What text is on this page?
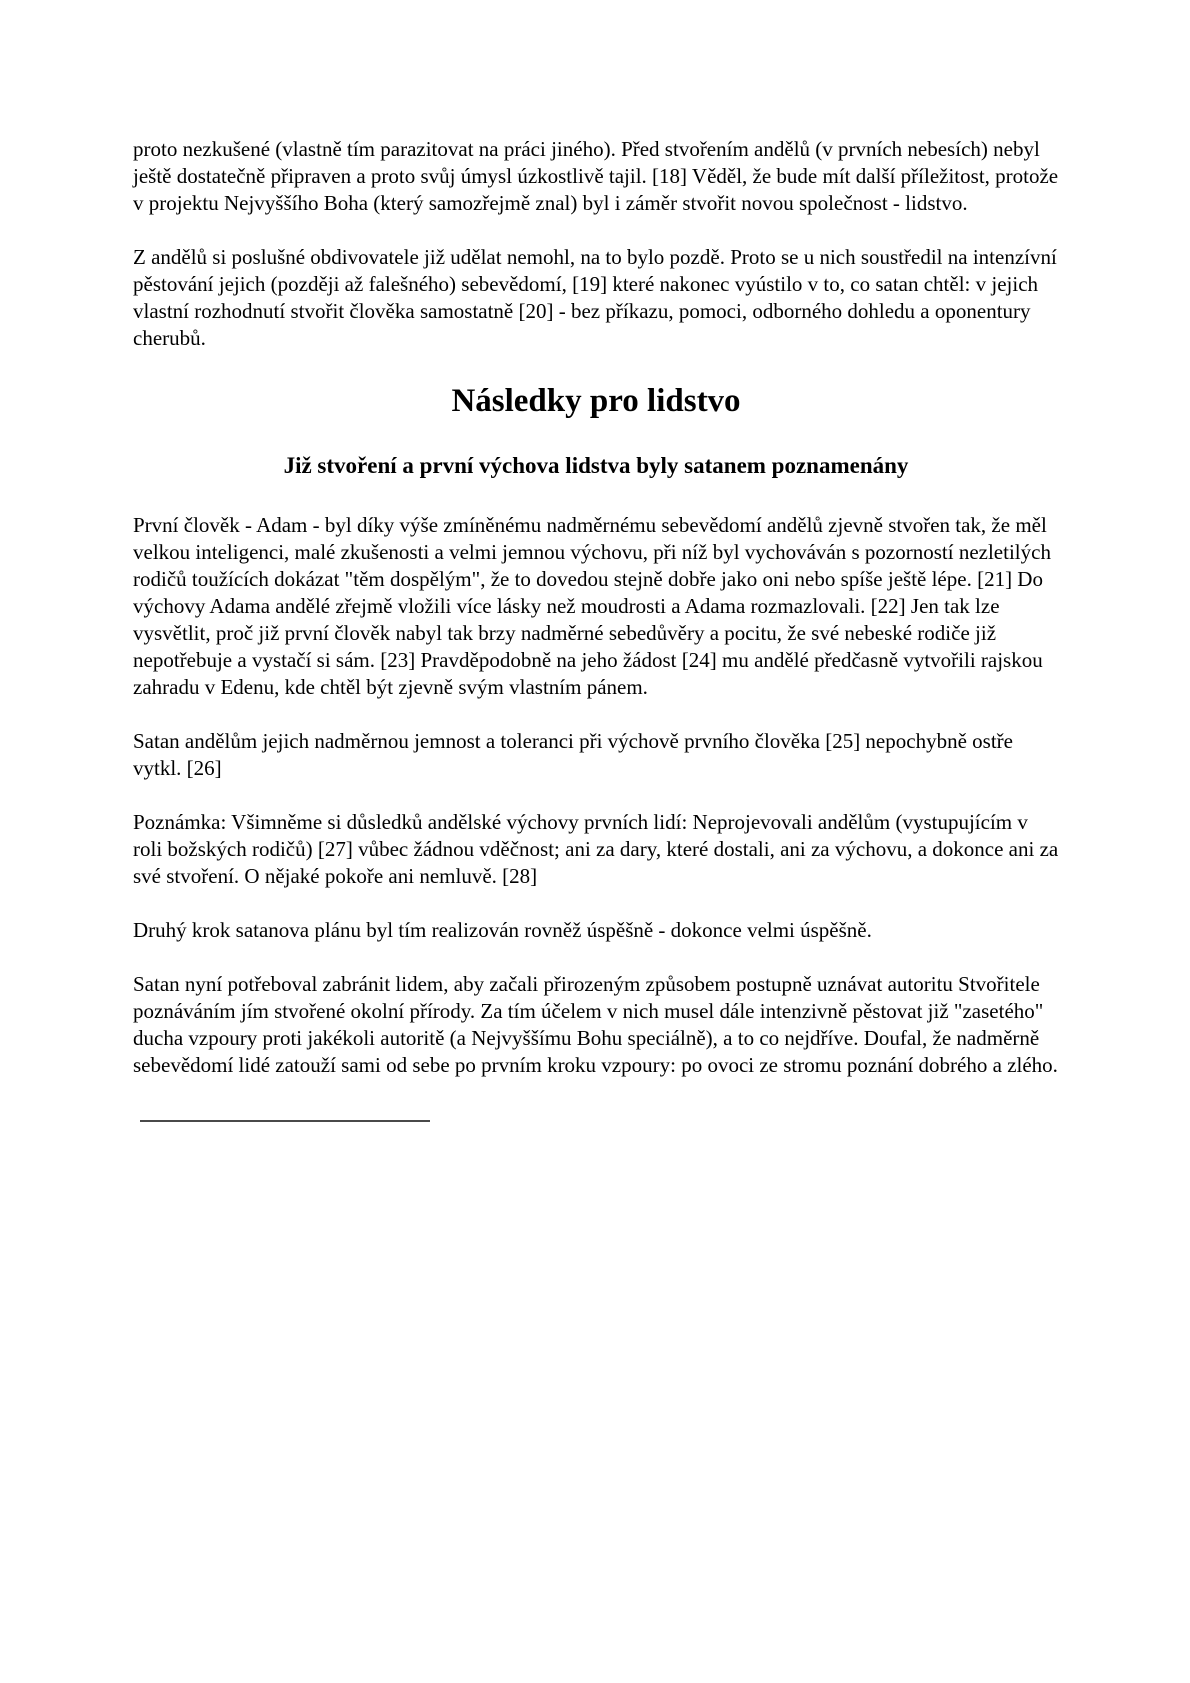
proto nezkušené (vlastně tím parazitovat na práci jiného). Před stvořením andělů (v prvních nebesích) nebyl ještě dostatečně připraven a proto svůj úmysl úzkostlivě tajil. [18] Věděl, že bude mít další příležitost, protože v projektu Nejvyššího Boha (který samozřejmě znal) byl i záměr stvořit novou společnost - lidstvo.

Z andělů si poslušné obdivovatele již udělat nemohl, na to bylo pozdě. Proto se u nich soustředil na intenzívní pěstování jejich (později až falešného) sebevědomí, [19] které nakonec vyústilo v to, co satan chtěl: v jejich vlastní rozhodnutí stvořit člověka samostatně [20] - bez příkazu, pomoci, odborného dohledu a oponentury cherubů.

Následky pro lidstvo
Již stvoření a první výchova lidstva byly satanem poznamenány

První člověk - Adam - byl díky výše zmíněnému nadměrnému sebevědomí andělů zjevně stvořen tak, že měl velkou inteligenci, malé zkušenosti a velmi jemnou výchovu, při níž byl vychováván s pozorností nezletilých rodičů toužících dokázat "těm dospělým", že to dovedou stejně dobře jako oni nebo spíše ještě lépe. [21] Do výchovy Adama andělé zřejmě vložili více lásky než moudrosti a Adama rozmazlovali. [22] Jen tak lze vysvětlit, proč již první člověk nabyl tak brzy nadměrné sebedůvěry a pocitu, že své nebeské rodiče již nepotřebuje a vystačí si sám. [23] Pravděpodobně na jeho žádost [24] mu andělé předčasně vytvořili rajskou zahradu v Edenu, kde chtěl být zjevně svým vlastním pánem.

Satan andělům jejich nadměrnou jemnost a toleranci při výchově prvního člověka [25] nepochybně ostře vytkl. [26]

Poznámka: Všimněme si důsledků andělské výchovy prvních lidí: Neprojevovali andělům (vystupujícím v roli božských rodičů) [27] vůbec žádnou vděčnost; ani za dary, které dostali, ani za výchovu, a dokonce ani za své stvoření. O nějaké pokoře ani nemluvě. [28]

Druhý krok satanova plánu byl tím realizován rovněž úspěšně - dokonce velmi úspěšně.

Satan nyní potřeboval zabránit lidem, aby začali přirozeným způsobem postupně uznávat autoritu Stvořitele poznáváním jím stvořené okolní přírody. Za tím účelem v nich musel dále intenzivně pěstovat již "zasetého" ducha vzpoury proti jakékoli autoritě (a Nejvyššímu Bohu speciálně), a to co nejdříve. Doufal, že nadměrně sebevědomí lidé zatouží sami od sebe po prvním kroku vzpoury: po ovoci ze stromu poznání dobrého a zlého.
